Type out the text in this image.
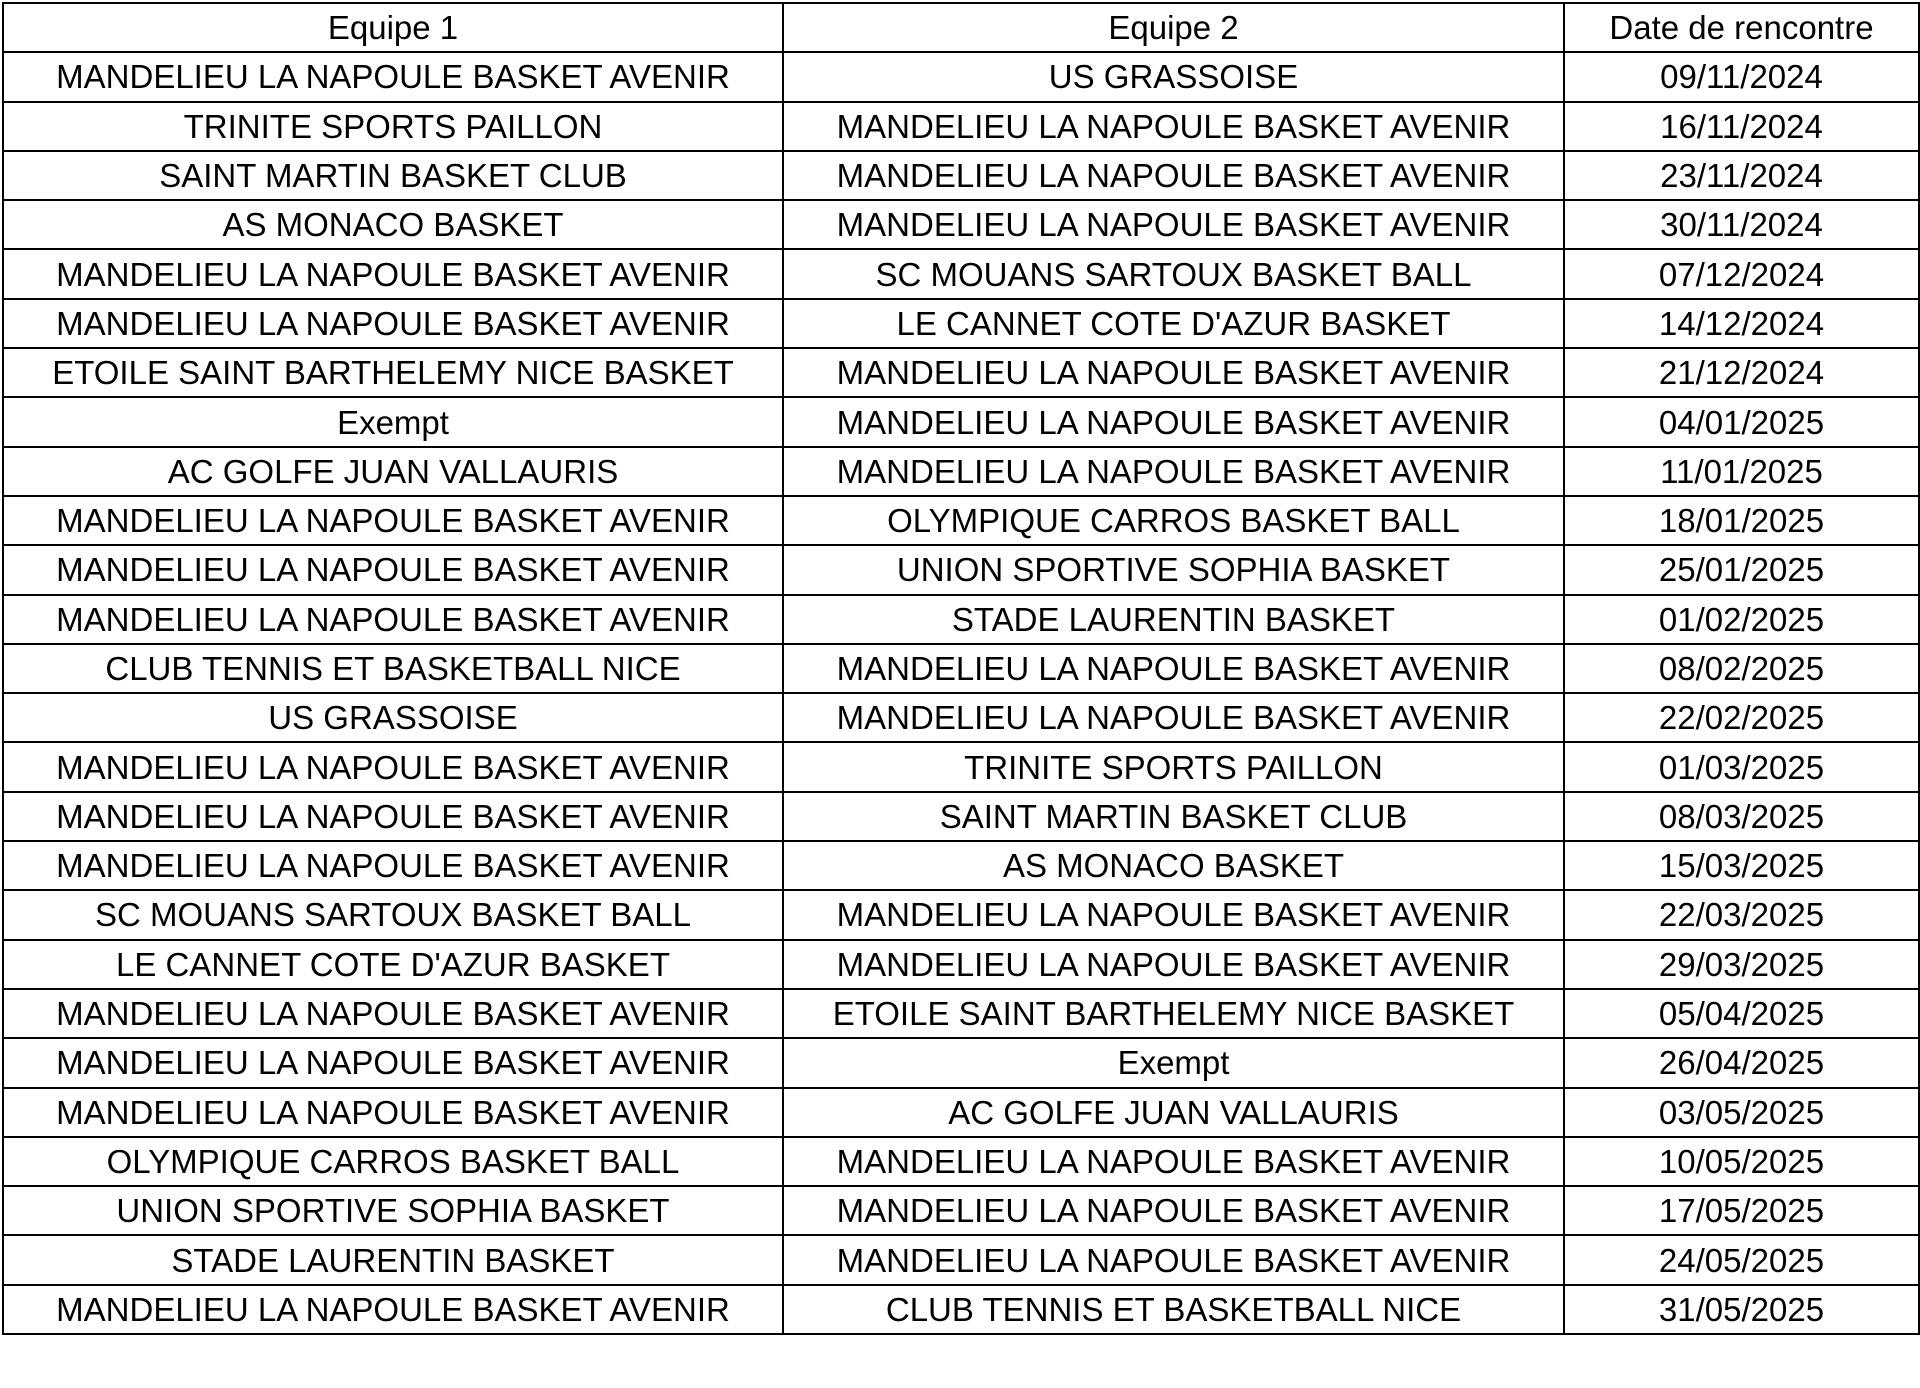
Equipe 1	Equipe 2	Date de rencontre
MANDELIEU LA NAPOULE BASKET AVENIR	US GRASSOISE	09/11/2024
TRINITE SPORTS PAILLON	MANDELIEU LA NAPOULE BASKET AVENIR	16/11/2024
SAINT MARTIN BASKET CLUB	MANDELIEU LA NAPOULE BASKET AVENIR	23/11/2024
AS MONACO BASKET	MANDELIEU LA NAPOULE BASKET AVENIR	30/11/2024
MANDELIEU LA NAPOULE BASKET AVENIR	SC MOUANS SARTOUX BASKET BALL	07/12/2024
MANDELIEU LA NAPOULE BASKET AVENIR	LE CANNET COTE D'AZUR BASKET	14/12/2024
ETOILE SAINT BARTHELEMY NICE BASKET	MANDELIEU LA NAPOULE BASKET AVENIR	21/12/2024
Exempt	MANDELIEU LA NAPOULE BASKET AVENIR	04/01/2025
AC GOLFE JUAN VALLAURIS	MANDELIEU LA NAPOULE BASKET AVENIR	11/01/2025
MANDELIEU LA NAPOULE BASKET AVENIR	OLYMPIQUE CARROS BASKET BALL	18/01/2025
MANDELIEU LA NAPOULE BASKET AVENIR	UNION SPORTIVE SOPHIA BASKET	25/01/2025
MANDELIEU LA NAPOULE BASKET AVENIR	STADE LAURENTIN BASKET	01/02/2025
CLUB TENNIS ET BASKETBALL NICE	MANDELIEU LA NAPOULE BASKET AVENIR	08/02/2025
US GRASSOISE	MANDELIEU LA NAPOULE BASKET AVENIR	22/02/2025
MANDELIEU LA NAPOULE BASKET AVENIR	TRINITE SPORTS PAILLON	01/03/2025
MANDELIEU LA NAPOULE BASKET AVENIR	SAINT MARTIN BASKET CLUB	08/03/2025
MANDELIEU LA NAPOULE BASKET AVENIR	AS MONACO BASKET	15/03/2025
SC MOUANS SARTOUX BASKET BALL	MANDELIEU LA NAPOULE BASKET AVENIR	22/03/2025
LE CANNET COTE D'AZUR BASKET	MANDELIEU LA NAPOULE BASKET AVENIR	29/03/2025
MANDELIEU LA NAPOULE BASKET AVENIR	ETOILE SAINT BARTHELEMY NICE BASKET	05/04/2025
MANDELIEU LA NAPOULE BASKET AVENIR	Exempt	26/04/2025
MANDELIEU LA NAPOULE BASKET AVENIR	AC GOLFE JUAN VALLAURIS	03/05/2025
OLYMPIQUE CARROS BASKET BALL	MANDELIEU LA NAPOULE BASKET AVENIR	10/05/2025
UNION SPORTIVE SOPHIA BASKET	MANDELIEU LA NAPOULE BASKET AVENIR	17/05/2025
STADE LAURENTIN BASKET	MANDELIEU LA NAPOULE BASKET AVENIR	24/05/2025
MANDELIEU LA NAPOULE BASKET AVENIR	CLUB TENNIS ET BASKETBALL NICE	31/05/2025
